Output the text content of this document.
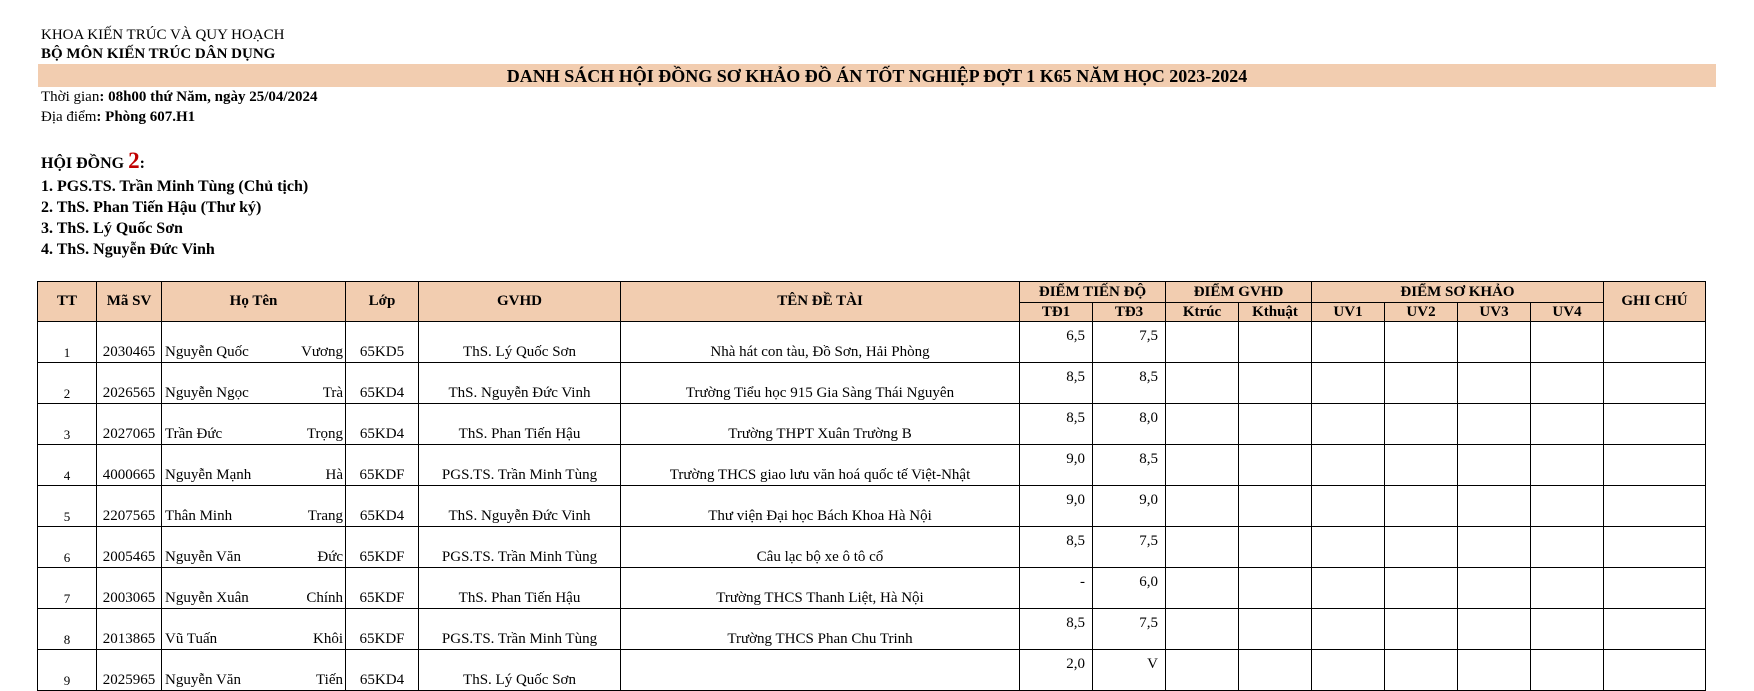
KHOA KIẾN TRÚC VÀ QUY HOẠCH
BỘ MÔN KIẾN TRÚC DÂN DỤNG
DANH SÁCH HỘI ĐỒNG SƠ KHẢO ĐỒ ÁN TỐT NGHIỆP ĐỢT 1 K65 NĂM HỌC 2023-2024
Thời gian: 08h00 thứ Năm, ngày 25/04/2024
Địa điểm: Phòng 607.H1
HỘI ĐỒNG 2:
1. PGS.TS. Trần Minh Tùng (Chủ tịch)
2. ThS. Phan Tiến Hậu (Thư ký)
3. ThS. Lý Quốc Sơn
4. ThS. Nguyễn Đức Vinh
TT	Mã SV	Họ Tên	Lớp	GVHD	TÊN ĐỀ TÀI	ĐIỂM TIẾN ĐỘ		ĐIỂM GVHD		ĐIỂM SƠ KHẢO				GHI CHÚ
						TĐ1	TĐ3	Ktrúc	Kthuật	UV1	UV2	UV3	UV4	
1	2030465	Nguyễn Quốc Vương	65KD5	ThS. Lý Quốc Sơn	Nhà hát con tàu, Đồ Sơn, Hải Phòng	6,5	7,5							
2	2026565	Nguyễn Ngọc Trà	65KD4	ThS. Nguyễn Đức Vinh	Trường Tiểu học 915 Gia Sàng Thái Nguyên	8,5	8,5							
3	2027065	Trần Đức Trọng	65KD4	ThS. Phan Tiến Hậu	Trường THPT Xuân Trường B	8,5	8,0							
4	4000665	Nguyễn Mạnh Hà	65KDF	PGS.TS. Trần Minh Tùng	Trường THCS giao lưu văn hoá quốc tế Việt-Nhật	9,0	8,5							
5	2207565	Thân Minh Trang	65KD4	ThS. Nguyễn Đức Vinh	Thư viện Đại học Bách Khoa Hà Nội	9,0	9,0							
6	2005465	Nguyễn Văn Đức	65KDF	PGS.TS. Trần Minh Tùng	Câu lạc bộ xe ô tô cổ	8,5	7,5							
7	2003065	Nguyễn Xuân Chính	65KDF	ThS. Phan Tiến Hậu	Trường THCS Thanh Liệt, Hà Nội	-	6,0							
8	2013865	Vũ Tuấn Khôi	65KDF	PGS.TS. Trần Minh Tùng	Trường THCS Phan Chu Trinh	8,5	7,5							
9	2025965	Nguyễn Văn Tiến	65KD4	ThS. Lý Quốc Sơn		2,0	V							
